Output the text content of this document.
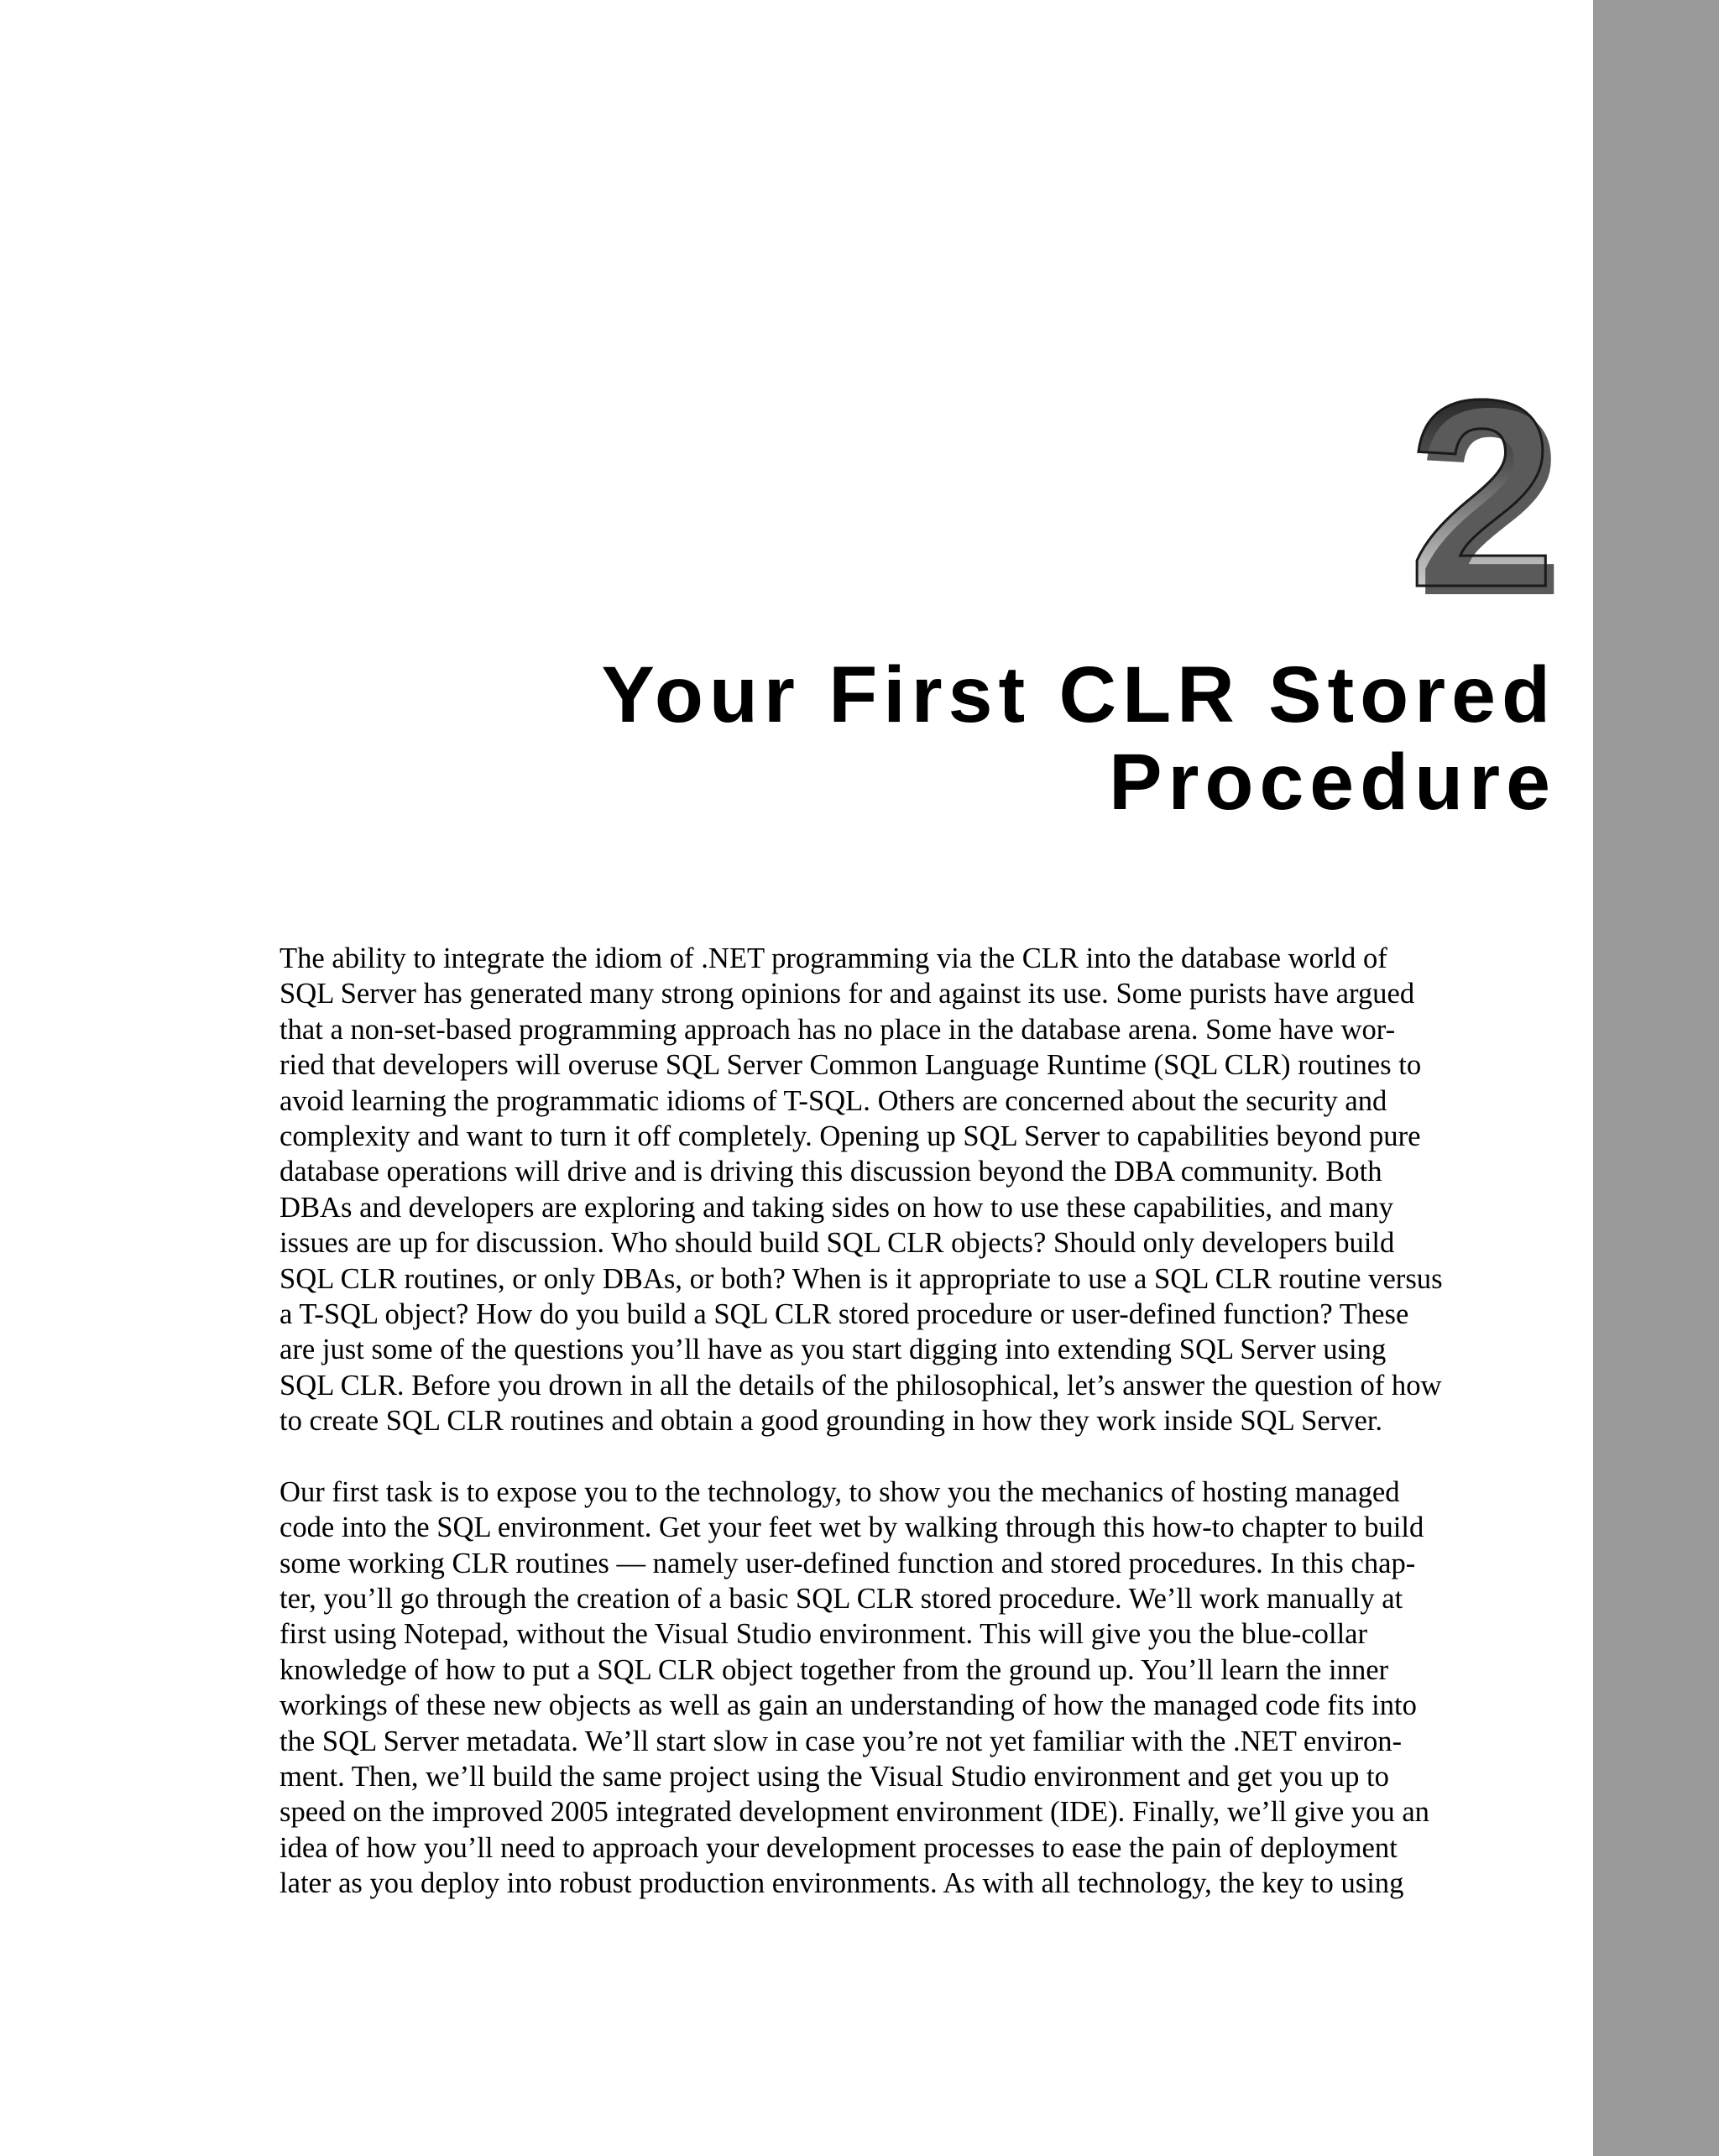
2
Your First CLR Stored
Procedure

The ability to integrate the idiom of .NET programming via the CLR into the database world of
SQL Server has generated many strong opinions for and against its use. Some purists have argued
that a non-set-based programming approach has no place in the database arena. Some have wor-
ried that developers will overuse SQL Server Common Language Runtime (SQL CLR) routines to
avoid learning the programmatic idioms of T-SQL. Others are concerned about the security and
complexity and want to turn it off completely. Opening up SQL Server to capabilities beyond pure
database operations will drive and is driving this discussion beyond the DBA community. Both
DBAs and developers are exploring and taking sides on how to use these capabilities, and many
issues are up for discussion. Who should build SQL CLR objects? Should only developers build
SQL CLR routines, or only DBAs, or both? When is it appropriate to use a SQL CLR routine versus
a T-SQL object? How do you build a SQL CLR stored procedure or user-defined function? These
are just some of the questions you’ll have as you start digging into extending SQL Server using
SQL CLR. Before you drown in all the details of the philosophical, let’s answer the question of how
to create SQL CLR routines and obtain a good grounding in how they work inside SQL Server.

Our first task is to expose you to the technology, to show you the mechanics of hosting managed
code into the SQL environment. Get your feet wet by walking through this how-to chapter to build
some working CLR routines — namely user-defined function and stored procedures. In this chap-
ter, you’ll go through the creation of a basic SQL CLR stored procedure. We’ll work manually at
first using Notepad, without the Visual Studio environment. This will give you the blue-collar
knowledge of how to put a SQL CLR object together from the ground up. You’ll learn the inner
workings of these new objects as well as gain an understanding of how the managed code fits into
the SQL Server metadata. We’ll start slow in case you’re not yet familiar with the .NET environ-
ment. Then, we’ll build the same project using the Visual Studio environment and get you up to
speed on the improved 2005 integrated development environment (IDE). Finally, we’ll give you an
idea of how you’ll need to approach your development processes to ease the pain of deployment
later as you deploy into robust production environments. As with all technology, the key to using
